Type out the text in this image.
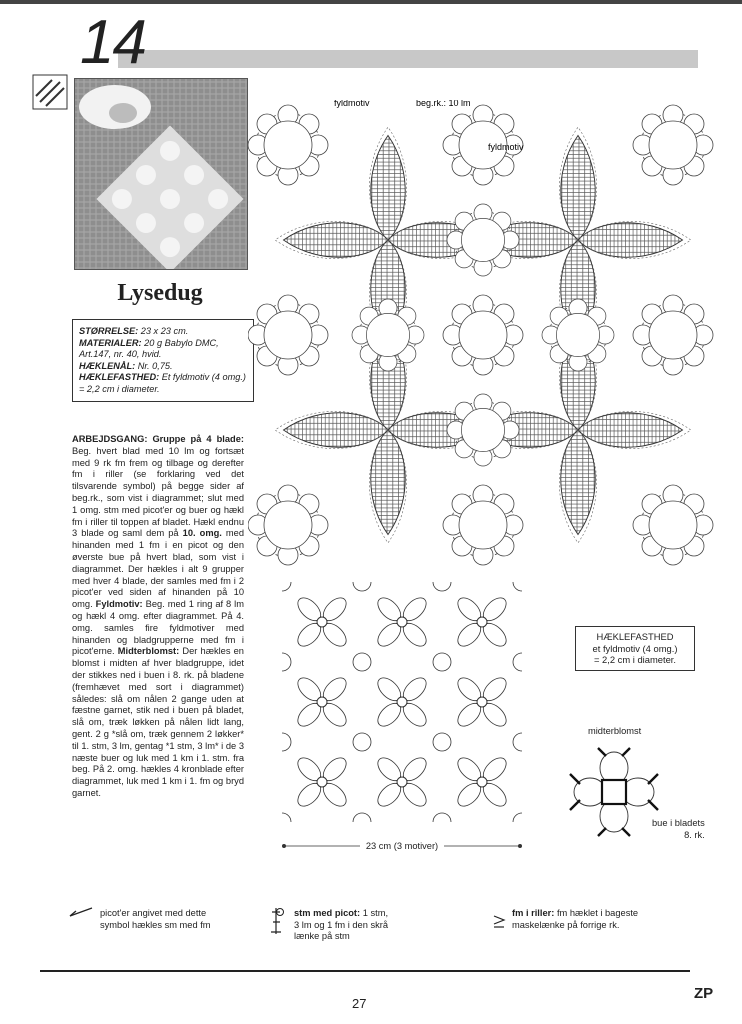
14
Lysedug
STØRRELSE: 23 x 23 cm.
MATERIALER: 20 g Babylo DMC, Art.147, nr. 40, hvid.
HÆKLENÅL: Nr. 0,75.
HÆKLEFASTHED: Et fyldmotiv (4 omg.) = 2,2 cm i diameter.
ARBEJDSGANG: Gruppe på 4 blade: Beg. hvert blad med 10 lm og fortsæt med 9 rk fm frem og tilbage og derefter fm i riller (se forklaring ved det tilsvarende symbol) på begge sider af beg.rk., som vist i diagrammet; slut med 1 omg. stm med picot'er og buer og hækl fm i riller til toppen af bladet. Hækl endnu 3 blade og saml dem på 10. omg. med hinanden med 1 fm i en picot og den øverste bue på hvert blad, som vist i diagrammet. Der hækles i alt 9 grupper med hver 4 blade, der samles med fm i 2 picot'er ved siden af hinanden på 10 omg. Fyldmotiv: Beg. med 1 ring af 8 lm og hækl 4 omg. efter diagrammet. På 4. omg. samles fire fyldmotiver med hinanden og bladgrupperne med fm i picot'erne. Midterblomst: Der hækles en blomst i midten af hver bladgruppe, idet der stikkes ned i buen i 8. rk. på bladene (fremhævet med sort i diagrammet) således: slå om nålen 2 gange uden at fæstne garnet, stik ned i buen på bladet, slå om, træk løkken på nålen lidt lang, gent. 2 g *slå om, træk gennem 2 løkker* til 1. stm, 3 lm, gentag *1 stm, 3 lm* i de 3 næste buer og luk med 1 km i 1. stm. fra beg. På 2. omg. hækles 4 kronblade efter diagrammet, luk med 1 km i 1. fm og bryd garnet.
fyldmotiv	beg.rk.: 10 lm
fyldmotiv
23 cm (3 motiver)
HÆKLEFASTHED
et fyldmotiv (4 omg.)
= 2,2 cm i diameter.
midterblomst
bue i bladets
8. rk.
picot'er angivet med dette
symbol hækles sm med fm
stm med picot: 1 stm,
3 lm og 1 fm i den skrå
lænke på stm
fm i riller: fm hæklet i bageste
maskelænke på forrige rk.
27
ZP
